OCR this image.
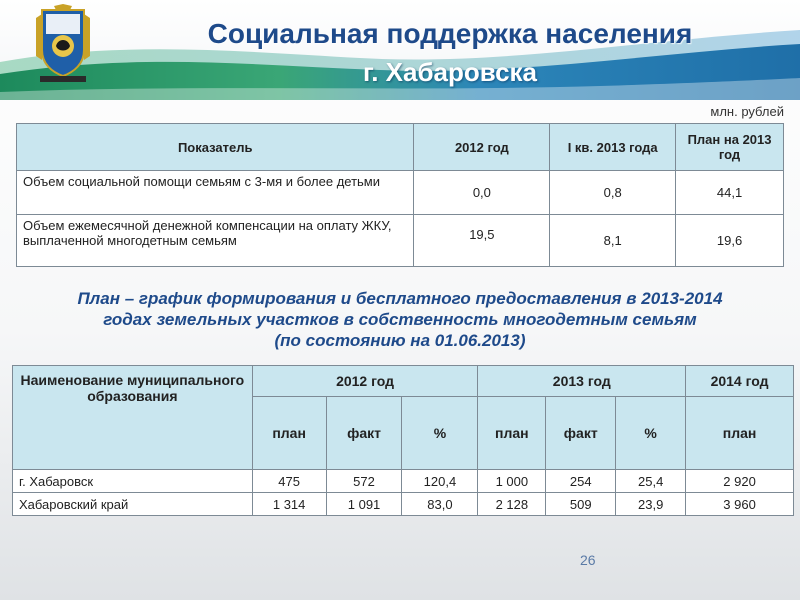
Социальная поддержка населения
г. Хабаровска
млн. рублей
Показатель	2012 год	I кв. 2013 года	План на 2013 год
Объем социальной помощи семьям с 3-мя и более детьми	0,0	0,8	44,1
Объем ежемесячной денежной компенсации на оплату ЖКУ, выплаченной многодетным семьям	19,5	8,1	19,6
План – график формирования и бесплатного предоставления в 2013-2014
годах земельных участков в собственность многодетным семьям
(по состоянию на 01.06.2013)
Наименование муниципального образования	2012 год			2013 год			2014 год
	план	факт	%	план	факт	%	план
г. Хабаровск	475	572	120,4	1 000	254	25,4	2 920
Хабаровский край	1 314	1 091	83,0	2 128	509	23,9	3 960
26
